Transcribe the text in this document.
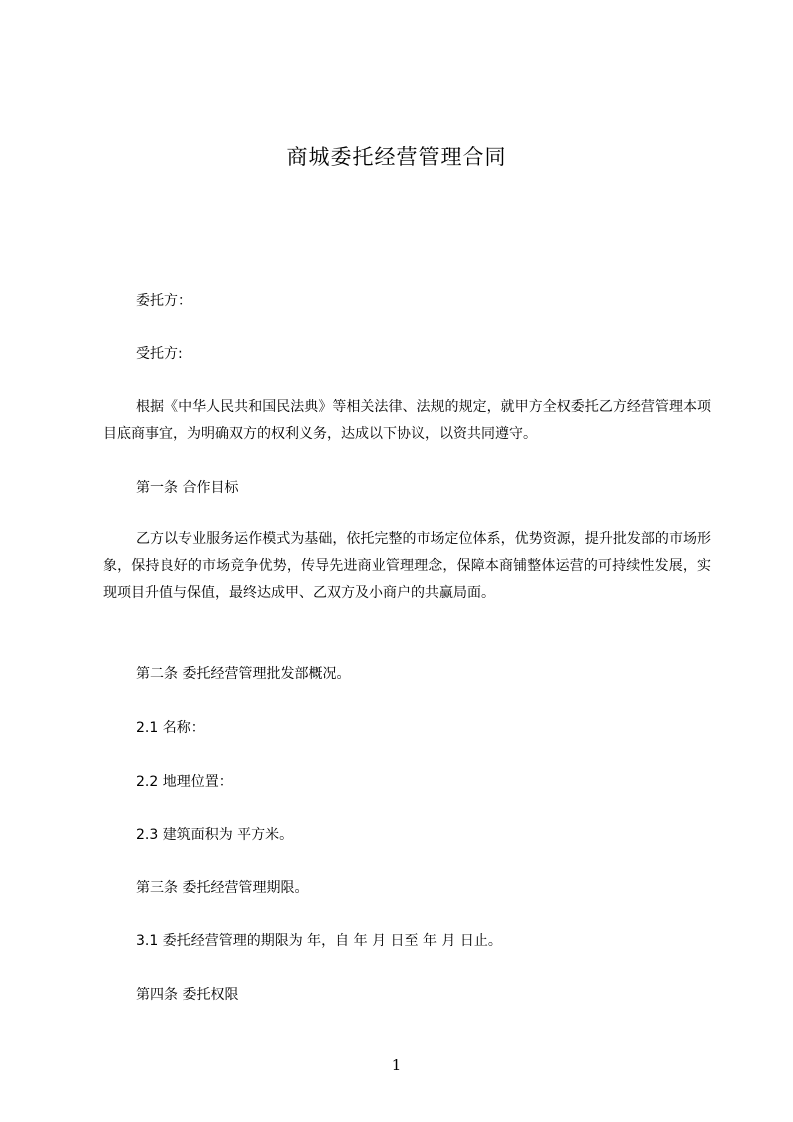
商城委托经营管理合同
委托方：
受托方:
根据《中华人民共和国民法典》等相关法律、法规的规定，就甲方全权委托乙方经营管理本项目底商事宜，为明确双方的权利义务，达成以下协议，以资共同遵守。
第一条 合作目标
乙方以专业服务运作模式为基础，依托完整的市场定位体系，优势资源，提升批发部的市场形象，保持良好的市场竞争优势，传导先进商业管理理念，保障本商铺整体运营的可持续性发展，实现项目升值与保值，最终达成甲、乙双方及小商户的共赢局面。
第二条 委托经营管理批发部概况。
2.1 名称：
2.2 地理位置：
2.3 建筑面积为 平方米。
第三条 委托经营管理期限。
3.1 委托经营管理的期限为 年，自 年 月 日至 年 月 日止。
第四条 委托权限
1
